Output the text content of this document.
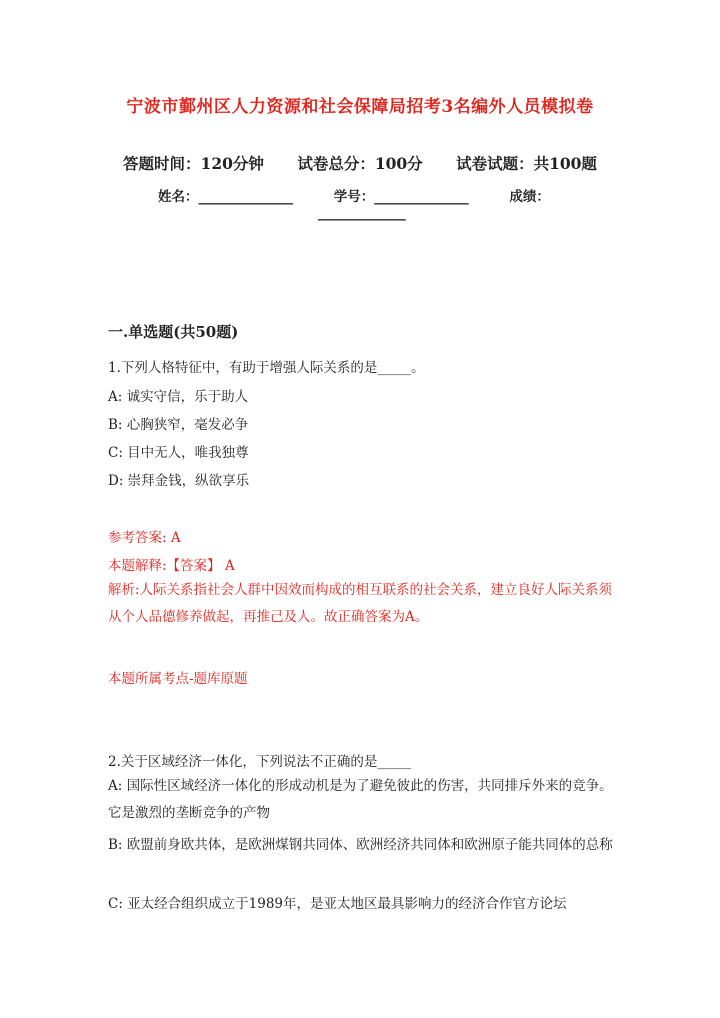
宁波市鄞州区人力资源和社会保障局招考3名编外人员模拟卷
答题时间：120分钟 试卷总分：100分 试卷试题：共100题
姓名：______________	学号：______________	成绩：
_____________
一.单选题(共50题)
1.下列人格特征中，有助于增强人际关系的是_____。
A: 诚实守信，乐于助人
B: 心胸狭窄，毫发必争
C: 目中无人，唯我独尊
D: 崇拜金钱，纵欲享乐
参考答案: A
本题解释:【答案】 A
解析:人际关系指社会人群中因效而构成的相互联系的社会关系，建立良好人际关系须从个人品德修养做起，再推己及人。故正确答案为A。
本题所属考点-题库原题
2.关于区域经济一体化，下列说法不正确的是_____
A: 国际性区域经济一体化的形成动机是为了避免彼此的伤害，共同排斥外来的竞争。它是激烈的垄断竞争的产物
B: 欧盟前身欧共体，是欧洲煤钢共同体、欧洲经济共同体和欧洲原子能共同体的总称
C: 亚太经合组织成立于1989年，是亚太地区最具影响力的经济合作官方论坛
